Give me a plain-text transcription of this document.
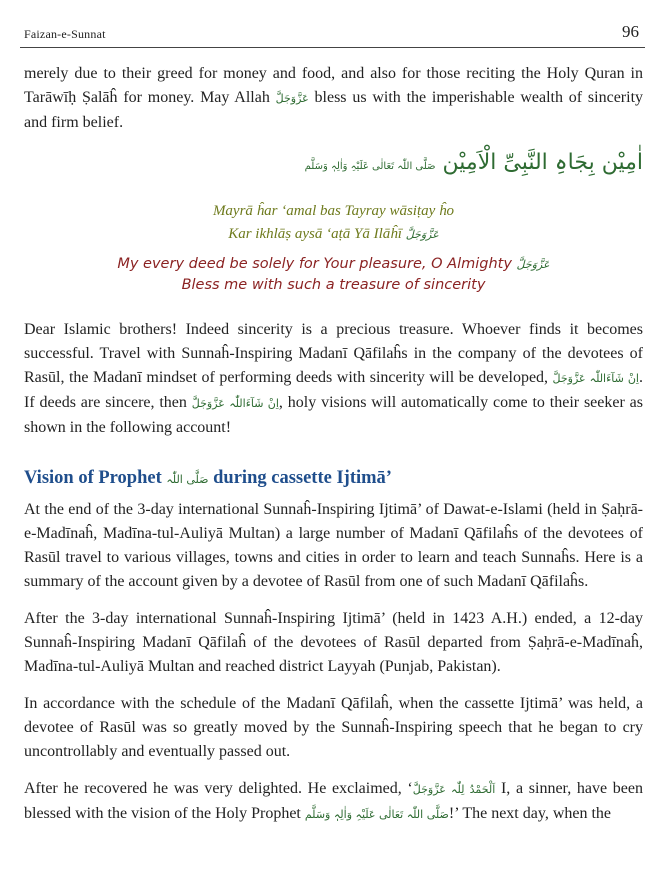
Faizan-e-Sunnat	96

merely due to their greed for money and food, and also for those reciting the Holy Quran in Tarāwīḥ Ṣalāĥ for money. May Allah عَزَّوَجَلَّ bless us with the imperishable wealth of sincerity and firm belief.

اٰمِیْن بِجَاہِ النَّبِیِّ الْاَمِیْن صَلَّی اللّٰہ تَعَالٰی عَلَیْہِ وَاٰلِہٖ وَسَلَّم
Mayrā ĥar ‘amal bas Tayray wāsiṭay ĥo
Kar ikhlāṣ aysā ‘aṭā Yā Ilāĥī عَزَّوَجَلَّ
My every deed be solely for Your pleasure, O Almighty عَزَّوَجَلَّ
Bless me with such a treasure of sincerity

Dear Islamic brothers! Indeed sincerity is a precious treasure. Whoever finds it becomes successful. Travel with Sunnaĥ-Inspiring Madanī Qāfilaĥs in the company of the devotees of Rasūl, the Madanī mindset of performing deeds with sincerity will be developed, اِنْ شَآءَاللّٰہ عَزَّوَجَلَّ. If deeds are sincere, then اِنْ شَآءَاللّٰہ عَزَّوَجَلَّ, holy visions will automatically come to their seeker as shown in the following account!

Vision of Prophet صَلَّی اللّٰہ during cassette Ijtimā’

At the end of the 3-day international Sunnaĥ-Inspiring Ijtimā’ of Dawat-e-Islami (held in Ṣaḥrā-e-Madīnaĥ, Madīna-tul-Auliyā Multan) a large number of Madanī Qāfilaĥs of the devotees of Rasūl travel to various villages, towns and cities in order to learn and teach Sunnaĥs. Here is a summary of the account given by a devotee of Rasūl from one of such Madanī Qāfilaĥs.

After the 3-day international Sunnaĥ-Inspiring Ijtimā’ (held in 1423 A.H.) ended, a 12-day Sunnaĥ-Inspiring Madanī Qāfilaĥ of the devotees of Rasūl departed from Ṣaḥrā-e-Madīnaĥ, Madīna-tul-Auliyā Multan and reached district Layyah (Punjab, Pakistan).

In accordance with the schedule of the Madanī Qāfilaĥ, when the cassette Ijtimā’ was held, a devotee of Rasūl was so greatly moved by the Sunnaĥ-Inspiring speech that he began to cry uncontrollably and eventually passed out.

After he recovered he was very delighted. He exclaimed, ‘اَلْحَمْدُ لِلّٰہ عَزَّوَجَلَّ I, a sinner, have been blessed with the vision of the Holy Prophet صَلَّی اللّٰہ تَعَالٰی عَلَیْہِ وَاٰلِہٖ وَسَلَّم!’ The next day, when the
